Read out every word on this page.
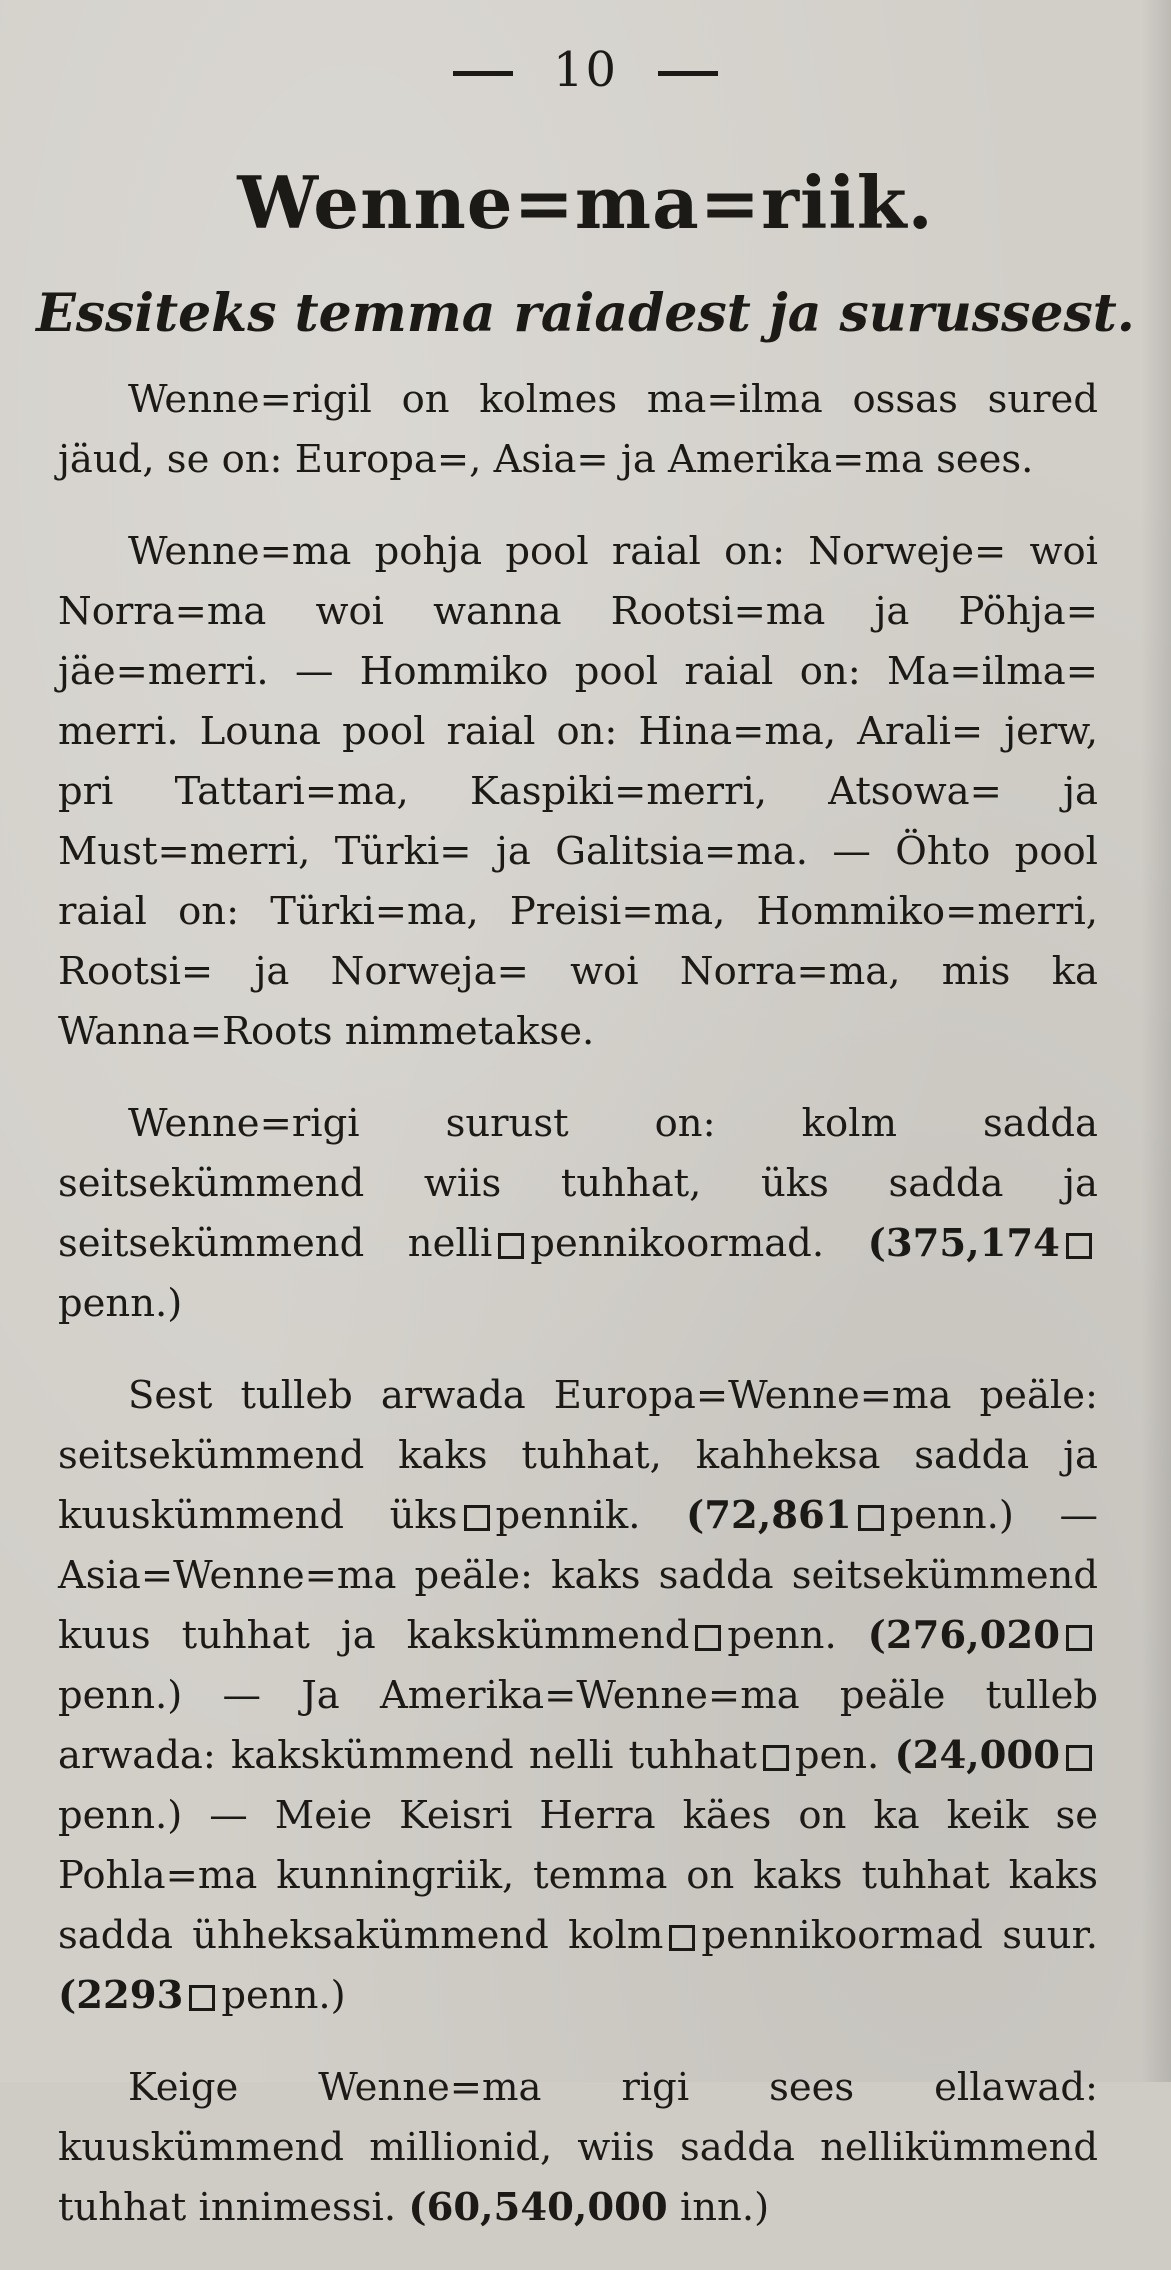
10
Wenne=ma=riik.
Essiteks temma raiadest ja surussest.

Wenne=rigil on kolmes ma=ilma ossas sured jäud, se on: Europa=, Asia= ja Amerika=ma sees.

Wenne=ma pohja pool raial on: Norweje= woi Norra=ma woi wanna Rootsi=ma ja Pöhja= jäe=merri. — Hommiko pool raial on: Ma=ilma= merri. Louna pool raial on: Hina=ma, Arali= jerw, pri Tattari=ma, Kaspiki=merri, Atsowa= ja Must=merri, Türki= ja Galitsia=ma. — Öhto pool raial on: Türki=ma, Preisi=ma, Hommiko=merri, Rootsi= ja Norweja= woi Norra=ma, mis ka Wanna=Roots nimmetakse.

Wenne=rigi surust on: kolm sadda seitsekümmend wiis tuhhat, üks sadda ja seitsekümmend nelli pennikoormad. (375,174penn.)

Sest tulleb arwada Europa=Wenne=ma peäle: seitsekümmend kaks tuhhat, kahheksa sadda ja kuuskümmend üks pennik. (72,861 penn.) — Asia=Wenne=ma peäle: kaks sadda seitsekümmend kuus tuhhat ja kakskümmend penn. (276,020penn.) — Ja Amerika=Wenne=ma peäle tulleb arwada: kakskümmend nelli tuhhat pen. (24,000penn.) — Meie Keisri Herra käes on ka keik se Pohla=ma kunningriik, temma on kaks tuhhat kaks sadda ühheksakümmend kolm pennikoormad suur. (2293 penn.)

Keige Wenne=ma rigi sees ellawad: kuuskümmend millionid, wiis sadda nellikümmend tuhhat innimessi. (60,540,000 inn.)
